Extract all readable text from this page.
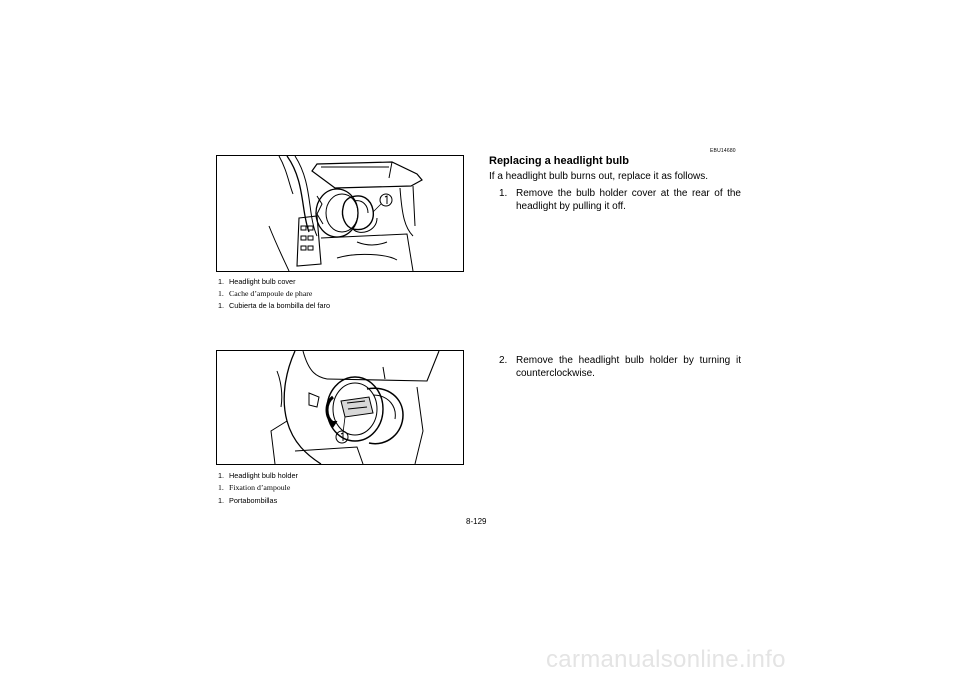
1. Headlight bulb cover
1. Cache d’ampoule de phare
1. Cubierta de la bombilla del faro
1. Headlight bulb holder
1. Fixation d’ampoule
1. Portabombillas
EBU14680
Replacing a headlight bulb
If a headlight bulb burns out, replace it as follows.
1. Remove the bulb holder cover at the rear of the headlight by pulling it off.
2. Remove the headlight bulb holder by turning it counterclockwise.
8-129
carmanualsonline.info
